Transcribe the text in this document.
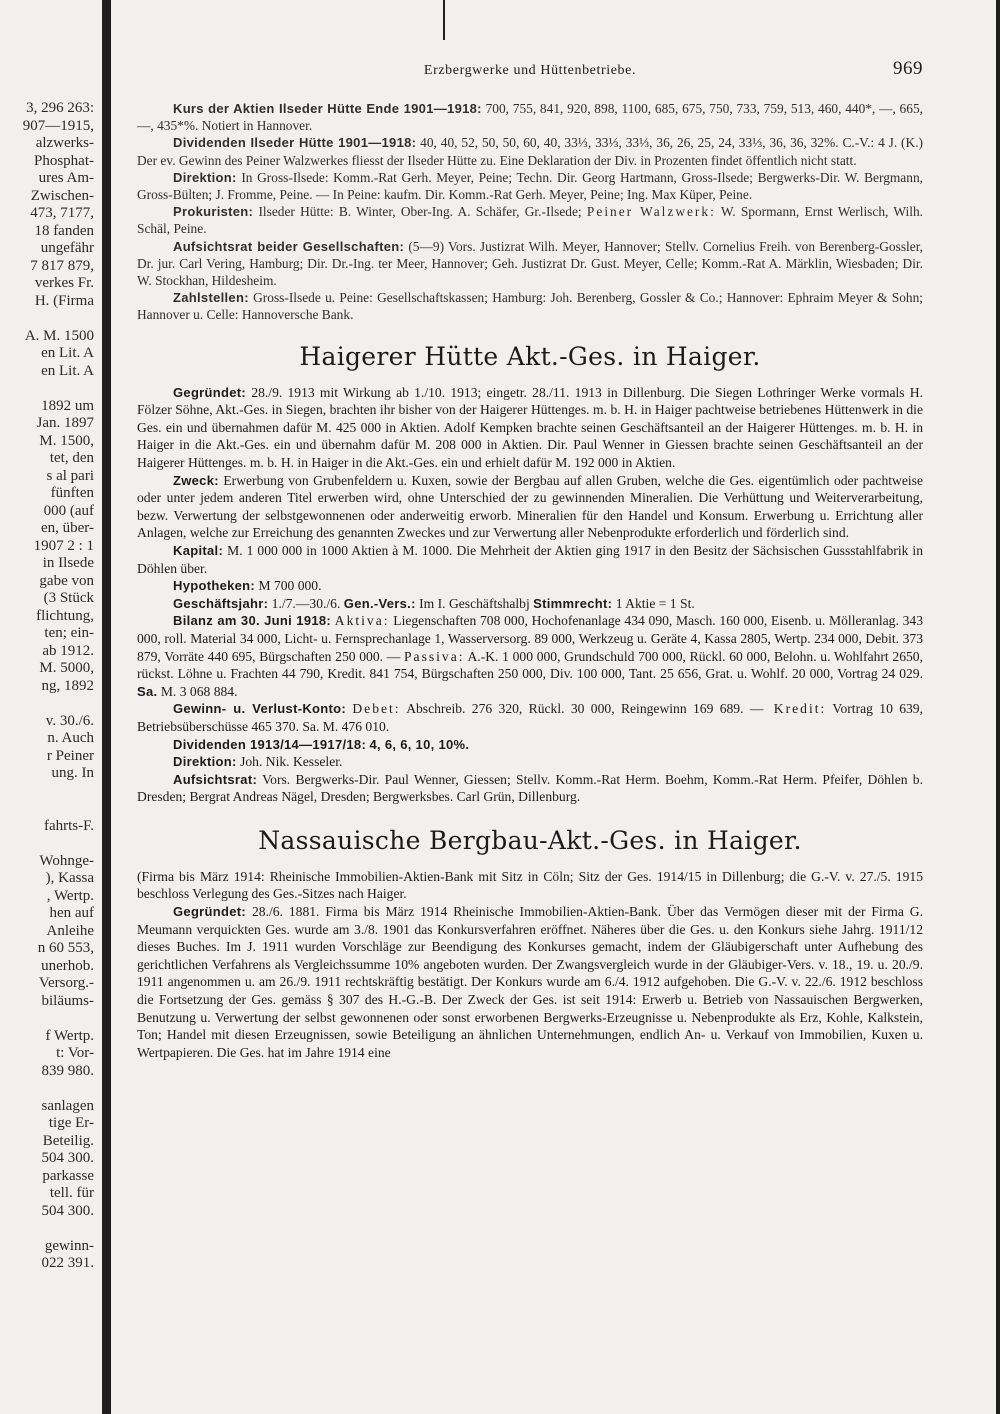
3, 296 263:
907—1915,
alzwerks-
Phosphat-
ures Am-
Zwischen-
473, 7177,
18 fanden
ungefähr
7 817 879,
verkes Fr.
H. (Firma
A. M. 1500
en Lit. A
en Lit. A
1892 um
Jan. 1897
M. 1500,
tet, den
s al pari
fünften
000 (auf
en, über-
1907 2 : 1
in Ilsede
gabe von
(3 Stück
flichtung,
ten; ein-
ab 1912.
M. 5000,
ng, 1892
v. 30./6.
n. Auch
r Peiner
ung. In
fahrts-F.
Wohnge-
), Kassa
, Wertp.
hen auf
Anleihe
n 60 553,
unerhob.
Versorg.-
biläums-
f Wertp.
t: Vor-
839 980.
sanlagen
tige Er-
Beteilig.
504 300.
parkasse
tell. für
504 300.
gewinn-
022 391.
Erzbergwerke und Hüttenbetriebe.	969

Kurs der Aktien Ilseder Hütte Ende 1901—1918: 700, 755, 841, 920, 898, 1100, 685, 675, 750, 733, 759, 513, 460, 440*, —, 665, —, 435*%. Notiert in Hannover.

Dividenden Ilseder Hütte 1901—1918: 40, 40, 52, 50, 50, 60, 40, 33⅓, 33⅓, 33⅓, 36, 26, 25, 24, 33⅓, 36, 36, 32%. C.-V.: 4 J. (K.) Der ev. Gewinn des Peiner Walzwerkes fliesst der Ilseder Hütte zu. Eine Deklaration der Div. in Prozenten findet öffentlich nicht statt.

Direktion: In Gross-Ilsede: Komm.-Rat Gerh. Meyer, Peine; Techn. Dir. Georg Hartmann, Gross-Ilsede; Bergwerks-Dir. W. Bergmann, Gross-Bülten; J. Fromme, Peine. — In Peine: kaufm. Dir. Komm.-Rat Gerh. Meyer, Peine; Ing. Max Küper, Peine.

Prokuristen: Ilseder Hütte: B. Winter, Ober-Ing. A. Schäfer, Gr.-Ilsede; Peiner Walzwerk: W. Spormann, Ernst Werlisch, Wilh. Schäl, Peine.

Aufsichtsrat beider Gesellschaften: (5—9) Vors. Justizrat Wilh. Meyer, Hannover; Stellv. Cornelius Freih. von Berenberg-Gossler, Dr. jur. Carl Vering, Hamburg; Dir. Dr.-Ing. ter Meer, Hannover; Geh. Justizrat Dr. Gust. Meyer, Celle; Komm.-Rat A. Märklin, Wiesbaden; Dir. W. Stockhan, Hildesheim.

Zahlstellen: Gross-Ilsede u. Peine: Gesellschaftskassen; Hamburg: Joh. Berenberg, Gossler & Co.; Hannover: Ephraim Meyer & Sohn; Hannover u. Celle: Hannoversche Bank.

Haigerer Hütte Akt.-Ges. in Haiger.

Gegründet: 28./9. 1913 mit Wirkung ab 1./10. 1913; eingetr. 28./11. 1913 in Dillenburg. Die Siegen Lothringer Werke vormals H. Fölzer Söhne, Akt.-Ges. in Siegen, brachten ihr bisher von der Haigerer Hüttenges. m. b. H. in Haiger pachtweise betriebenes Hüttenwerk in die Ges. ein und übernahmen dafür M. 425 000 in Aktien. Adolf Kempken brachte seinen Geschäftsanteil an der Haigerer Hüttenges. m. b. H. in Haiger in die Akt.-Ges. ein und übernahm dafür M. 208 000 in Aktien. Dir. Paul Wenner in Giessen brachte seinen Geschäftsanteil an der Haigerer Hüttenges. m. b. H. in Haiger in die Akt.-Ges. ein und erhielt dafür M. 192 000 in Aktien.

Zweck: Erwerbung von Grubenfeldern u. Kuxen, sowie der Bergbau auf allen Gruben, welche die Ges. eigentümlich oder pachtweise oder unter jedem anderen Titel erwerben wird, ohne Unterschied der zu gewinnenden Mineralien. Die Verhüttung und Weiterverarbeitung, bezw. Verwertung der selbstgewonnenen oder anderweitig erworb. Mineralien für den Handel und Konsum. Erwerbung u. Errichtung aller Anlagen, welche zur Erreichung des genannten Zweckes und zur Verwertung aller Nebenprodukte erforderlich und förderlich sind.

Kapital: M. 1 000 000 in 1000 Aktien à M. 1000. Die Mehrheit der Aktien ging 1917 in den Besitz der Sächsischen Gussstahlfabrik in Döhlen über.

Hypotheken: M 700 000.

Geschäftsjahr: 1./7.—30./6. Gen.-Vers.: Im I. Geschäftshalbj Stimmrecht: 1 Aktie = 1 St.

Bilanz am 30. Juni 1918: Aktiva: Liegenschaften 708 000, Hochofenanlage 434 090, Masch. 160 000, Eisenb. u. Mölleranlag. 343 000, roll. Material 34 000, Licht- u. Fernsprechanlage 1, Wasserversorg. 89 000, Werkzeug u. Geräte 4, Kassa 2805, Wertp. 234 000, Debit. 373 879, Vorräte 440 695, Bürgschaften 250 000. — Passiva: A.-K. 1 000 000, Grundschuld 700 000, Rückl. 60 000, Belohn. u. Wohlfahrt 2650, rückst. Löhne u. Frachten 44 790, Kredit. 841 754, Bürgschaften 250 000, Div. 100 000, Tant. 25 656, Grat. u. Wohlf. 20 000, Vortrag 24 029. Sa. M. 3 068 884.

Gewinn- u. Verlust-Konto: Debet: Abschreib. 276 320, Rückl. 30 000, Reingewinn 169 689. — Kredit: Vortrag 10 639, Betriebsüberschüsse 465 370. Sa. M. 476 010.

Dividenden 1913/14—1917/18: 4, 6, 6, 10, 10%.

Direktion: Joh. Nik. Kesseler.

Aufsichtsrat: Vors. Bergwerks-Dir. Paul Wenner, Giessen; Stellv. Komm.-Rat Herm. Boehm, Komm.-Rat Herm. Pfeifer, Döhlen b. Dresden; Bergrat Andreas Nägel, Dresden; Bergwerksbes. Carl Grün, Dillenburg.

Nassauische Bergbau-Akt.-Ges. in Haiger.

(Firma bis März 1914: Rheinische Immobilien-Aktien-Bank mit Sitz in Cöln; Sitz der Ges. 1914/15 in Dillenburg; die G.-V. v. 27./5. 1915 beschloss Verlegung des Ges.-Sitzes nach Haiger.

Gegründet: 28./6. 1881. Firma bis März 1914 Rheinische Immobilien-Aktien-Bank. Über das Vermögen dieser mit der Firma G. Meumann verquickten Ges. wurde am 3./8. 1901 das Konkursverfahren eröffnet. Näheres über die Ges. u. den Konkurs siehe Jahrg. 1911/12 dieses Buches. Im J. 1911 wurden Vorschläge zur Beendigung des Konkurses gemacht, indem der Gläubigerschaft unter Aufhebung des gerichtlichen Verfahrens als Vergleichssumme 10% angeboten wurden. Der Zwangsvergleich wurde in der Gläubiger-Vers. v. 18., 19. u. 20./9. 1911 angenommen u. am 26./9. 1911 rechtskräftig bestätigt. Der Konkurs wurde am 6./4. 1912 aufgehoben. Die G.-V. v. 22./6. 1912 beschloss die Fortsetzung der Ges. gemäss § 307 des H.-G.-B. Der Zweck der Ges. ist seit 1914: Erwerb u. Betrieb von Nassauischen Bergwerken, Benutzung u. Verwertung der selbst gewonnenen oder sonst erworbenen Bergwerks-Erzeugnisse u. Nebenprodukte als Erz, Kohle, Kalkstein, Ton; Handel mit diesen Erzeugnissen, sowie Beteiligung an ähnlichen Unternehmungen, endlich An- u. Verkauf von Immobilien, Kuxen u. Wertpapieren. Die Ges. hat im Jahre 1914 eine
